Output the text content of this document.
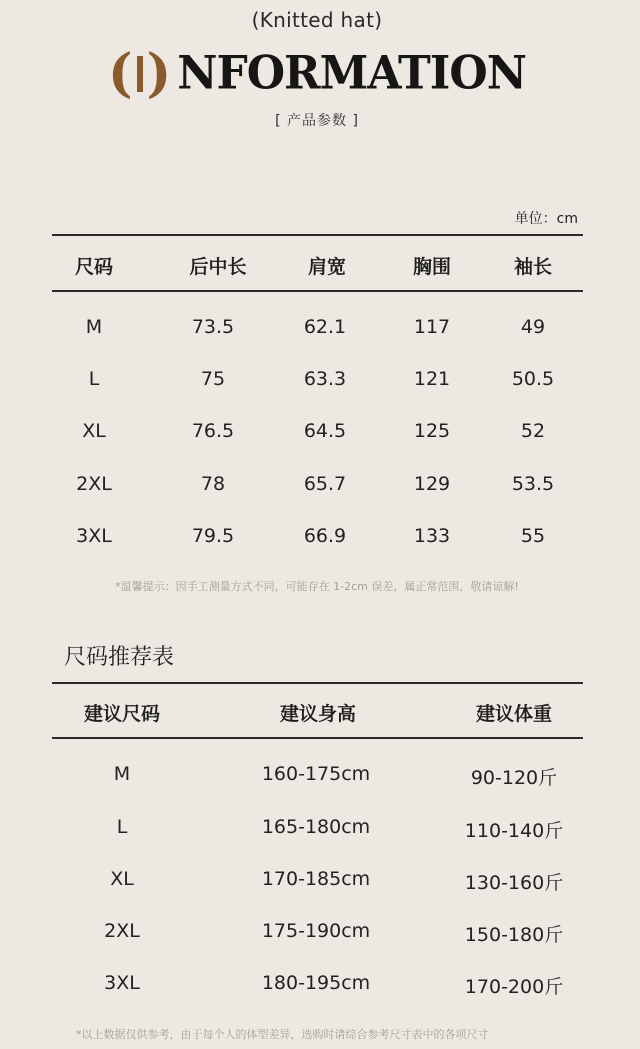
(Knitted hat)
( ) NFORMATION
[ 产品参数 ]
单位：cm
尺码	后中长	肩宽	胸围	袖长
M	73.5	62.1	117	49
L	75	63.3	121	50.5
XL	76.5	64.5	125	52
2XL	78	65.7	129	53.5
3XL	79.5	66.9	133	55
*温馨提示：因手工测量方式不同，可能存在 1-2cm 误差，属正常范围，敬请谅解!
尺码推荐表
建议尺码	建议身高	建议体重
M	160-175cm	90-120斤
L	165-180cm	110-140斤
XL	170-185cm	130-160斤
2XL	175-190cm	150-180斤
3XL	180-195cm	170-200斤
*以上数据仅供参考，由于每个人的体型差异，选购时请综合参考尺寸表中的各项尺寸
